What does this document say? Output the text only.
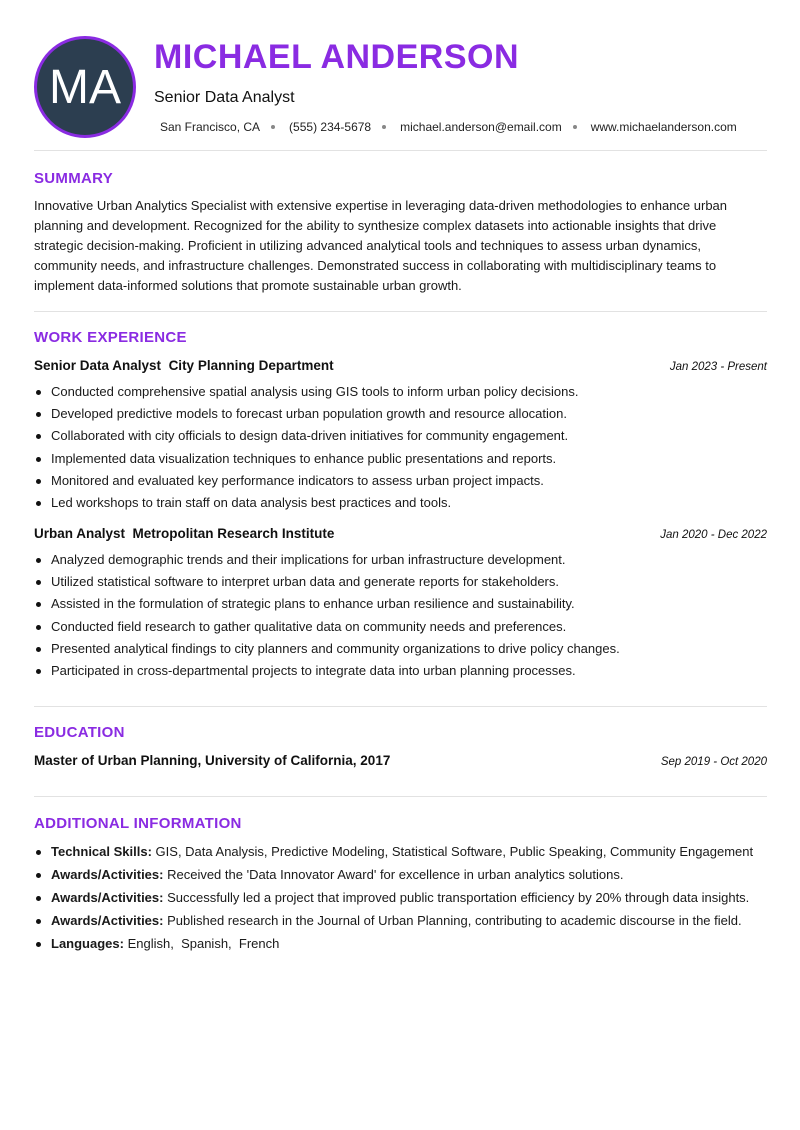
MA
MICHAEL ANDERSON
Senior Data Analyst
San Francisco, CA (555) 234-5678 michael.anderson@email.com www.michaelanderson.com
SUMMARY
Innovative Urban Analytics Specialist with extensive expertise in leveraging data-driven methodologies to enhance urban planning and development. Recognized for the ability to synthesize complex datasets into actionable insights that drive strategic decision-making. Proficient in utilizing advanced analytical tools and techniques to assess urban dynamics, community needs, and infrastructure challenges. Demonstrated success in collaborating with multidisciplinary teams to implement data-informed solutions that promote sustainable urban growth.
WORK EXPERIENCE
Senior Data Analyst City Planning Department	Jan 2023 - Present
Conducted comprehensive spatial analysis using GIS tools to inform urban policy decisions.
Developed predictive models to forecast urban population growth and resource allocation.
Collaborated with city officials to design data-driven initiatives for community engagement.
Implemented data visualization techniques to enhance public presentations and reports.
Monitored and evaluated key performance indicators to assess urban project impacts.
Led workshops to train staff on data analysis best practices and tools.
Urban Analyst Metropolitan Research Institute	Jan 2020 - Dec 2022
Analyzed demographic trends and their implications for urban infrastructure development.
Utilized statistical software to interpret urban data and generate reports for stakeholders.
Assisted in the formulation of strategic plans to enhance urban resilience and sustainability.
Conducted field research to gather qualitative data on community needs and preferences.
Presented analytical findings to city planners and community organizations to drive policy changes.
Participated in cross-departmental projects to integrate data into urban planning processes.
EDUCATION
Master of Urban Planning, University of California, 2017	Sep 2019 - Oct 2020
ADDITIONAL INFORMATION
Technical Skills: GIS, Data Analysis, Predictive Modeling, Statistical Software, Public Speaking, Community Engagement
Awards/Activities: Received the 'Data Innovator Award' for excellence in urban analytics solutions.
Awards/Activities: Successfully led a project that improved public transportation efficiency by 20% through data insights.
Awards/Activities: Published research in the Journal of Urban Planning, contributing to academic discourse in the field.
Languages: English,  Spanish,  French
